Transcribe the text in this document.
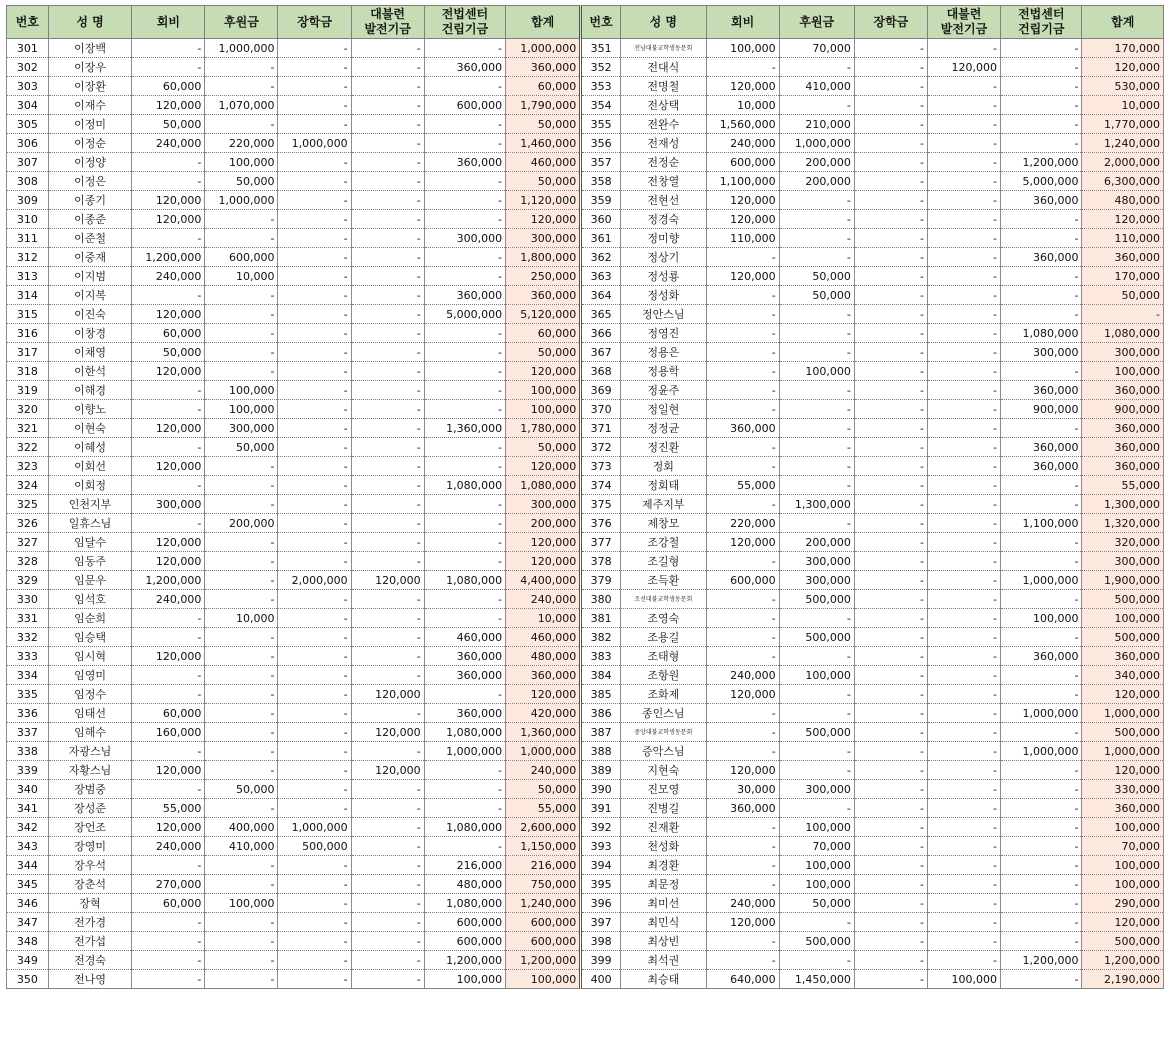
번호	성 명	회비	후원금	장학금	대불련
발전기금	전법센터
건립기금	합계	번호	성 명	회비	후원금	장학금	대불련
발전기금	전법센터
건립기금	합계
301	이장백	-	1,000,000	-	-	-	1,000,000	351	전남대불교학생동문회	100,000	70,000	-	-	-	170,000
302	이장우	-	-	-	-	360,000	360,000	352	전대식	-	-	-	120,000	-	120,000
303	이장환	60,000	-	-	-	-	60,000	353	전명철	120,000	410,000	-	-	-	530,000
304	이재수	120,000	1,070,000	-	-	600,000	1,790,000	354	전상택	10,000	-	-	-	-	10,000
305	이정미	50,000	-	-	-	-	50,000	355	전완수	1,560,000	210,000	-	-	-	1,770,000
306	이정순	240,000	220,000	1,000,000	-	-	1,460,000	356	전재성	240,000	1,000,000	-	-	-	1,240,000
307	이정양	-	100,000	-	-	360,000	460,000	357	전정순	600,000	200,000	-	-	1,200,000	2,000,000
308	이정은	-	50,000	-	-	-	50,000	358	전창열	1,100,000	200,000	-	-	5,000,000	6,300,000
309	이종기	120,000	1,000,000	-	-	-	1,120,000	359	전현선	120,000	-	-	-	360,000	480,000
310	이종준	120,000	-	-	-	-	120,000	360	정경숙	120,000	-	-	-	-	120,000
311	이준철	-	-	-	-	300,000	300,000	361	정미향	110,000	-	-	-	-	110,000
312	이중재	1,200,000	600,000	-	-	-	1,800,000	362	정상기	-	-	-	-	360,000	360,000
313	이지범	240,000	10,000	-	-	-	250,000	363	정성룡	120,000	50,000	-	-	-	170,000
314	이지복	-	-	-	-	360,000	360,000	364	정성화	-	50,000	-	-	-	50,000
315	이진숙	120,000	-	-	-	5,000,000	5,120,000	365	정안스님	-	-	-	-	-	-
316	이창경	60,000	-	-	-	-	60,000	366	정영진	-	-	-	-	1,080,000	1,080,000
317	이채영	50,000	-	-	-	-	50,000	367	정용은	-	-	-	-	300,000	300,000
318	이한석	120,000	-	-	-	-	120,000	368	정용학	-	100,000	-	-	-	100,000
319	이해경	-	100,000	-	-	-	100,000	369	정윤주	-	-	-	-	360,000	360,000
320	이향노	-	100,000	-	-	-	100,000	370	정일현	-	-	-	-	900,000	900,000
321	이현숙	120,000	300,000	-	-	1,360,000	1,780,000	371	정정균	360,000	-	-	-	-	360,000
322	이혜성	-	50,000	-	-	-	50,000	372	정진환	-	-	-	-	360,000	360,000
323	이회선	120,000	-	-	-	-	120,000	373	정회	-	-	-	-	360,000	360,000
324	이회정	-	-	-	-	1,080,000	1,080,000	374	정회태	55,000	-	-	-	-	55,000
325	인천지부	300,000	-	-	-	-	300,000	375	제주지부	-	1,300,000	-	-	-	1,300,000
326	일휴스님	-	200,000	-	-	-	200,000	376	제창모	220,000	-	-	-	1,100,000	1,320,000
327	임달수	120,000	-	-	-	-	120,000	377	조강철	120,000	200,000	-	-	-	320,000
328	임동주	120,000	-	-	-	-	120,000	378	조길형	-	300,000	-	-	-	300,000
329	임문우	1,200,000	-	2,000,000	120,000	1,080,000	4,400,000	379	조득환	600,000	300,000	-	-	1,000,000	1,900,000
330	임석호	240,000	-	-	-	-	240,000	380	조선대불교학생동문회	-	500,000	-	-	-	500,000
331	임순희	-	10,000	-	-	-	10,000	381	조영숙	-	-	-	-	100,000	100,000
332	임승택	-	-	-	-	460,000	460,000	382	조용길	-	500,000	-	-	-	500,000
333	임시혁	120,000	-	-	-	360,000	480,000	383	조태형	-	-	-	-	360,000	360,000
334	임영미	-	-	-	-	360,000	360,000	384	조항원	240,000	100,000	-	-	-	340,000
335	임정수	-	-	-	120,000	-	120,000	385	조화제	120,000	-	-	-	-	120,000
336	임태선	60,000	-	-	-	360,000	420,000	386	종인스님	-	-	-	-	1,000,000	1,000,000
337	임해수	160,000	-	-	120,000	1,080,000	1,360,000	387	중앙대불교학생동문회	-	500,000	-	-	-	500,000
338	자광스님	-	-	-	-	1,000,000	1,000,000	388	증악스님	-	-	-	-	1,000,000	1,000,000
339	자황스님	120,000	-	-	120,000	-	240,000	389	지현숙	120,000	-	-	-	-	120,000
340	장범중	-	50,000	-	-	-	50,000	390	진모영	30,000	300,000	-	-	-	330,000
341	장성준	55,000	-	-	-	-	55,000	391	진병길	360,000	-	-	-	-	360,000
342	장언조	120,000	400,000	1,000,000	-	1,080,000	2,600,000	392	진재환	-	100,000	-	-	-	100,000
343	장영미	240,000	410,000	500,000	-	-	1,150,000	393	천성화	-	70,000	-	-	-	70,000
344	장우석	-	-	-	-	216,000	216,000	394	최경환	-	100,000	-	-	-	100,000
345	장춘석	270,000	-	-	-	480,000	750,000	395	최문정	-	100,000	-	-	-	100,000
346	장혁	60,000	100,000	-	-	1,080,000	1,240,000	396	최미선	240,000	50,000	-	-	-	290,000
347	전가경	-	-	-	-	600,000	600,000	397	최민식	120,000	-	-	-	-	120,000
348	전가섭	-	-	-	-	600,000	600,000	398	최상빈	-	500,000	-	-	-	500,000
349	전경숙	-	-	-	-	1,200,000	1,200,000	399	최석권	-	-	-	-	1,200,000	1,200,000
350	전나영	-	-	-	-	100,000	100,000	400	최승태	640,000	1,450,000	-	100,000	-	2,190,000
